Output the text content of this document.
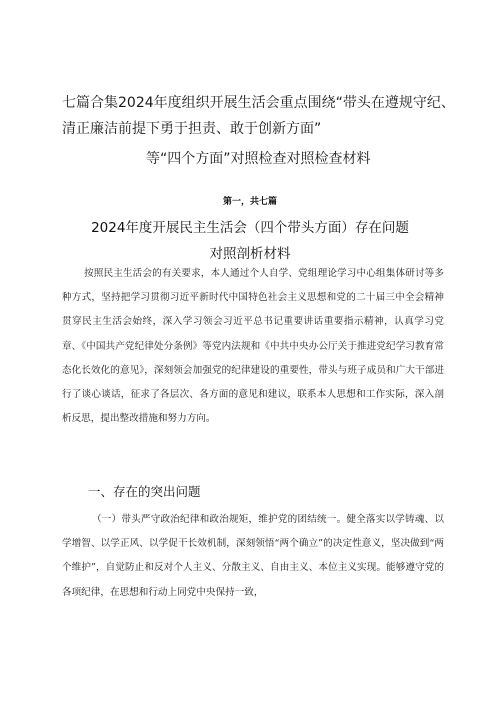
七篇合集2024年度组织开展生活会重点围绕“带头在遵规守纪、
清正廉洁前提下勇于担责、敢于创新方面”
等“四个方面”对照检查对照检查材料
第一，共七篇
2024年度开展民主生活会（四个带头方面）存在问题
对照剖析材料
按照民主生活会的有关要求，本人通过个人自学、党组理论学习中心组集体研讨等多种方式，坚持把学习贯彻习近平新时代中国特色社会主义思想和党的二十届三中全会精神贯穿民主生活会始终，深入学习领会习近平总书记重要讲话重要指示精神，认真学习党章、《中国共产党纪律处分条例》等党内法规和《中共中央办公厅关于推进党纪学习教育常态化长效化的意见》，深刻领会加强党的纪律建设的重要性，带头与班子成员和广大干部进行了谈心谈话，征求了各层次、各方面的意见和建议，联系本人思想和工作实际，深入剖析反思，提出整改措施和努力方向。
一、存在的突出问题
（一）带头严守政治纪律和政治规矩，维护党的团结统一。健全落实以学铸魂、以学增智、以学正风、以学促干长效机制，深刻领悟“两个确立”的决定性意义，坚决做到“两个维护”，自觉防止和反对个人主义、分散主义、自由主义、本位主义实现。能够遵守党的各项纪律，在思想和行动上同党中央保持一致，
